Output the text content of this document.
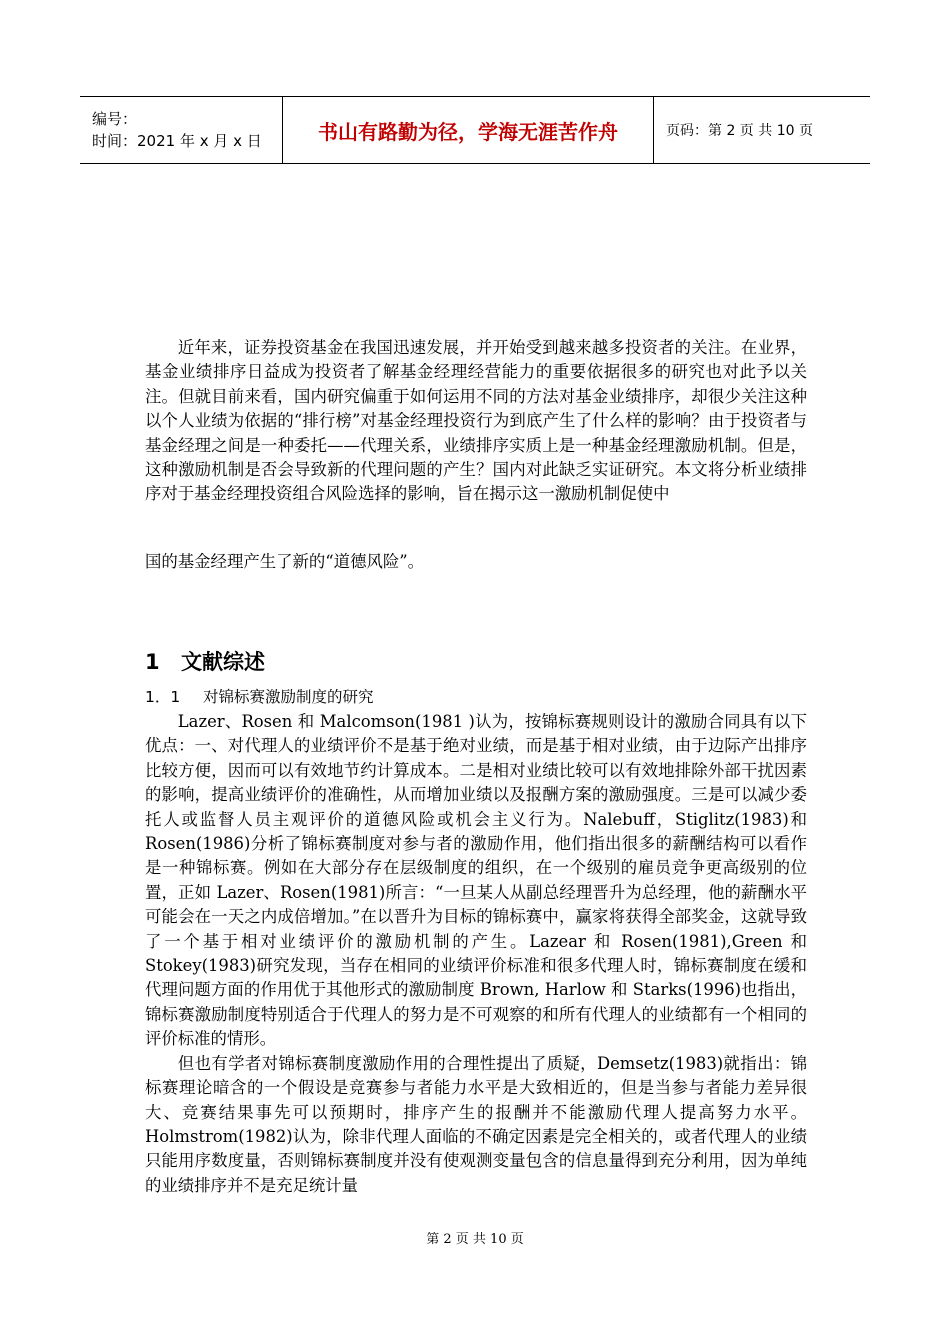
编号：
时间：2021 年 x 月 x 日	书山有路勤为径，学海无涯苦作舟	页码：第 2 页 共 10 页

近年来，证券投资基金在我国迅速发展，并开始受到越来越多投资者的关注。在业界，基金业绩排序日益成为投资者了解基金经理经营能力的重要依据很多的研究也对此予以关注。但就目前来看，国内研究偏重于如何运用不同的方法对基金业绩排序，却很少关注这种以个人业绩为依据的“排行榜”对基金经理投资行为到底产生了什么样的影响？由于投资者与基金经理之间是一种委托——代理关系，业绩排序实质上是一种基金经理激励机制。但是，这种激励机制是否会导致新的代理问题的产生？国内对此缺乏实证研究。本文将分析业绩排序对于基金经理投资组合风险选择的影响，旨在揭示这一激励机制促使中

国的基金经理产生了新的“道德风险”。
1 文献综述
1．1 对锦标赛激励制度的研究

Lazer、Rosen 和 Malcomson(1981 )认为，按锦标赛规则设计的激励合同具有以下优点：一、对代理人的业绩评价不是基于绝对业绩，而是基于相对业绩，由于边际产出排序比较方便，因而可以有效地节约计算成本。二是相对业绩比较可以有效地排除外部干扰因素的影响，提高业绩评价的准确性，从而增加业绩以及报酬方案的激励强度。三是可以减少委托人或监督人员主观评价的道德风险或机会主义行为。Nalebuff，Stiglitz(1983)和 Rosen(1986)分析了锦标赛制度对参与者的激励作用，他们指出很多的薪酬结构可以看作是一种锦标赛。例如在大部分存在层级制度的组织，在一个级别的雇员竞争更高级别的位置，正如 Lazer、Rosen(1981)所言：“一旦某人从副总经理晋升为总经理，他的薪酬水平可能会在一天之内成倍增加。”在以晋升为目标的锦标赛中，赢家将获得全部奖金，这就导致了一个基于相对业绩评价的激励机制的产生。Lazear 和 Rosen(1981),Green 和 Stokey(1983)研究发现，当存在相同的业绩评价标准和很多代理人时，锦标赛制度在缓和代理问题方面的作用优于其他形式的激励制度 Brown, Harlow 和 Starks(1996)也指出，锦标赛激励制度特别适合于代理人的努力是不可观察的和所有代理人的业绩都有一个相同的评价标准的情形。

但也有学者对锦标赛制度激励作用的合理性提出了质疑，Demsetz(1983)就指出：锦标赛理论暗含的一个假设是竞赛参与者能力水平是大致相近的，但是当参与者能力差异很大、竞赛结果事先可以预期时，排序产生的报酬并不能激励代理人提高努力水平。Holmstrom(1982)认为，除非代理人面临的不确定因素是完全相关的，或者代理人的业绩只能用序数度量，否则锦标赛制度并没有使观测变量包含的信息量得到充分利用，因为单纯的业绩排序并不是充足统计量

第 2 页 共 10 页
